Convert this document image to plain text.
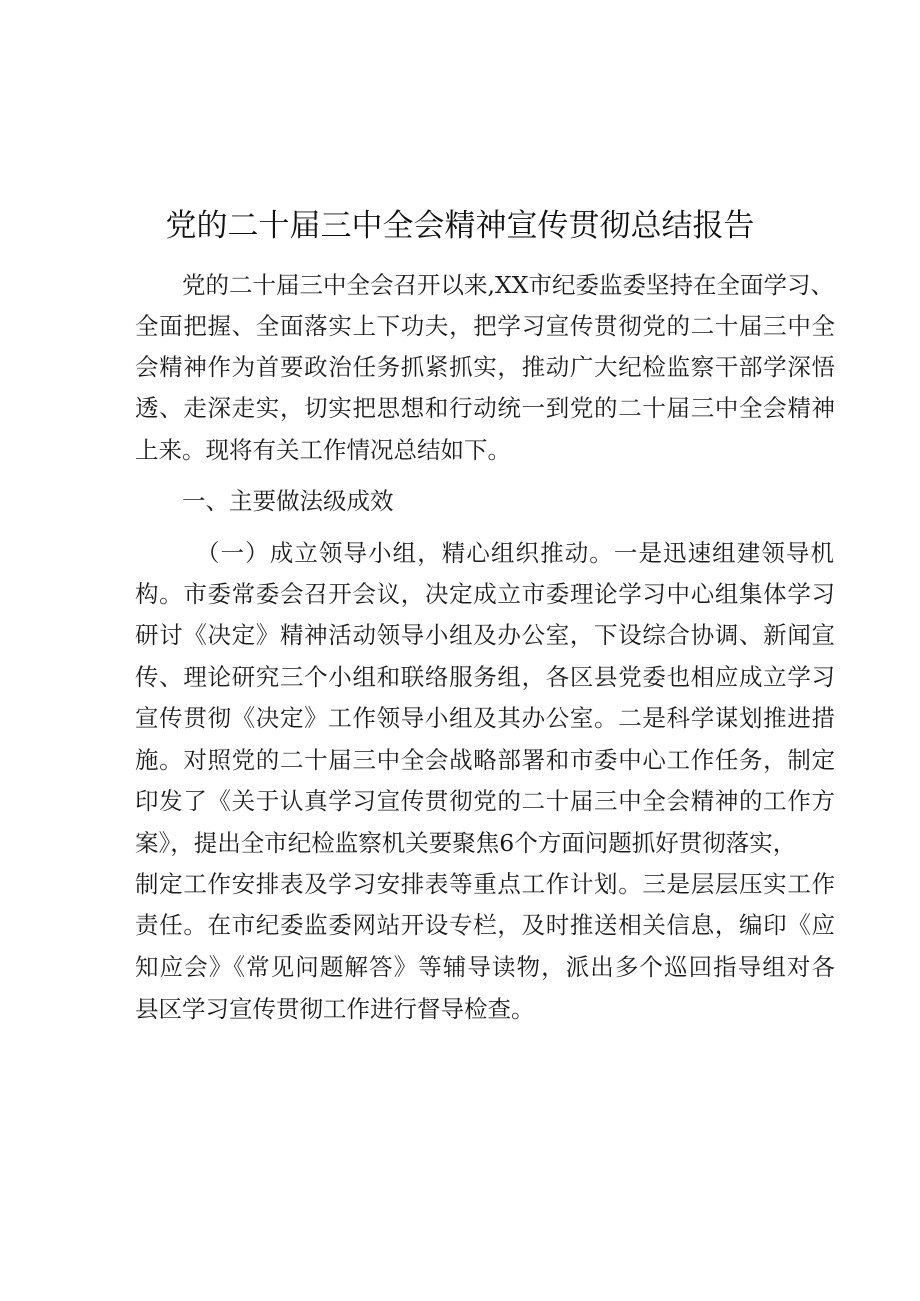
党的二十届三中全会精神宣传贯彻总结报告
党的二十届三中全会召开以来,XX市纪委监委坚持在全面学习、
全面把握、全面落实上下功夫，把学习宣传贯彻党的二十届三中全
会精神作为首要政治任务抓紧抓实，推动广大纪检监察干部学深悟
透、走深走实，切实把思想和行动统一到党的二十届三中全会精神
上来。现将有关工作情况总结如下。
一、主要做法级成效
（一）成立领导小组，精心组织推动。一是迅速组建领导机
构。市委常委会召开会议，决定成立市委理论学习中心组集体学习
研讨《决定》精神活动领导小组及办公室，下设综合协调、新闻宣
传、理论研究三个小组和联络服务组，各区县党委也相应成立学习
宣传贯彻《决定》工作领导小组及其办公室。二是科学谋划推进措
施。对照党的二十届三中全会战略部署和市委中心工作任务，制定
印发了《关于认真学习宣传贯彻党的二十届三中全会精神的工作方
案》，提出全市纪检监察机关要聚焦6个方面问题抓好贯彻落实，
制定工作安排表及学习安排表等重点工作计划。三是层层压实工作
责任。在市纪委监委网站开设专栏，及时推送相关信息，编印《应
知应会》《常见问题解答》等辅导读物，派出多个巡回指导组对各
县区学习宣传贯彻工作进行督导检查。
